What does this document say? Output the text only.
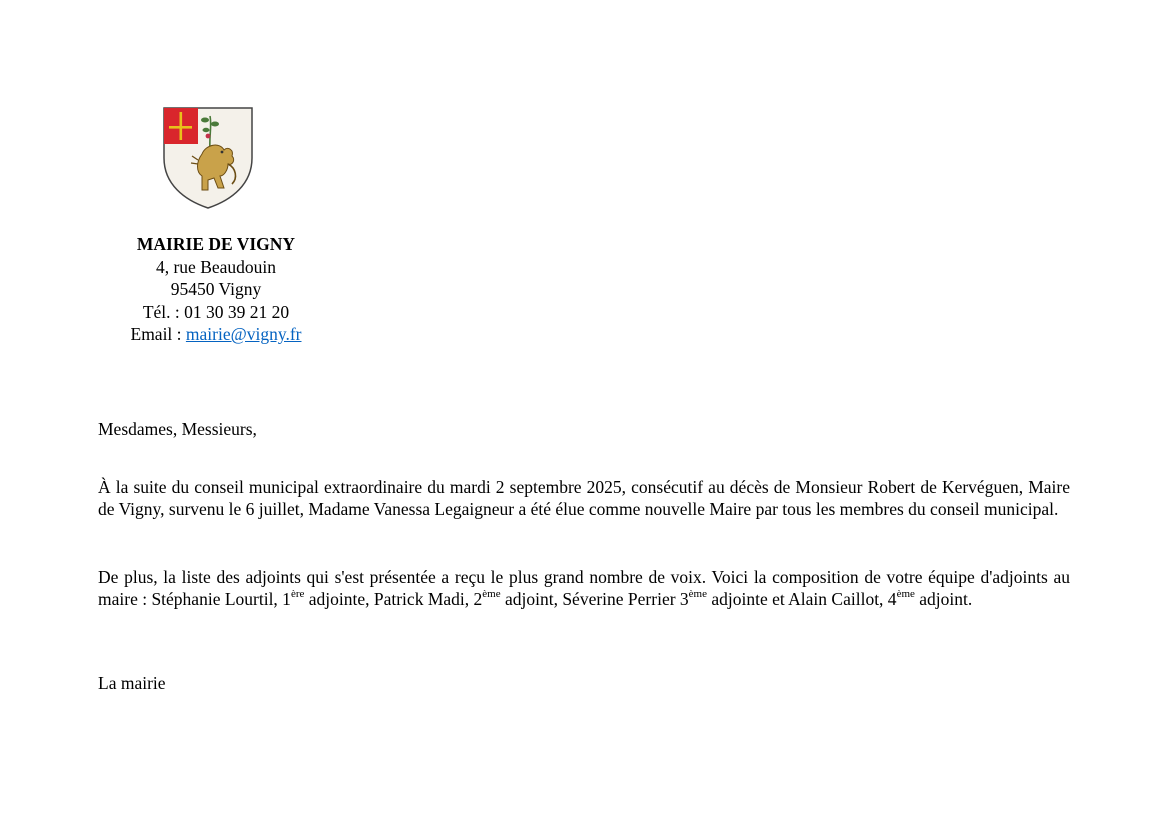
MAIRIE DE VIGNY
4, rue Beaudouin
95450 Vigny
Tél. : 01 30 39 21 20
Email : mairie@vigny.fr
Mesdames, Messieurs,
À la suite du conseil municipal extraordinaire du mardi 2 septembre 2025, consécutif au décès de Monsieur Robert de Kervéguen, Maire de Vigny, survenu le 6 juillet, Madame Vanessa Legaigneur a été élue comme nouvelle Maire par tous les membres du conseil municipal.
De plus, la liste des adjoints qui s'est présentée a reçu le plus grand nombre de voix. Voici la composition de votre équipe d'adjoints au maire : Stéphanie Lourtil, 1ère adjointe, Patrick Madi, 2ème adjoint, Séverine Perrier 3ème adjointe et Alain Caillot, 4ème adjoint.
La mairie
